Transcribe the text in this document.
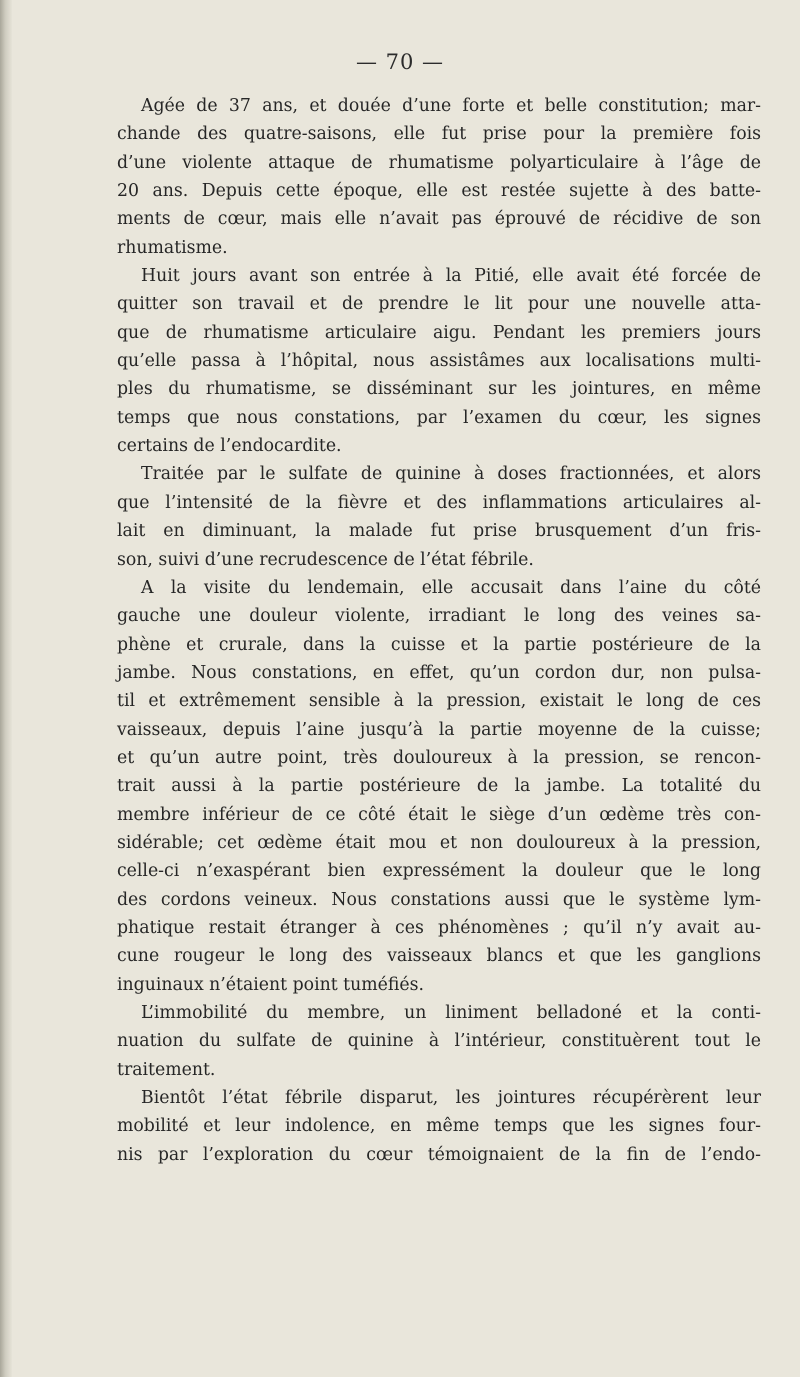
— 70 —
Agée de 37 ans, et douée d’une forte et belle constitution; mar-
chande des quatre-saisons, elle fut prise pour la première fois
d’une violente attaque de rhumatisme polyarticulaire à l’âge de
20 ans. Depuis cette époque, elle est restée sujette à des batte-
ments de cœur, mais elle n’avait pas éprouvé de récidive de son
rhumatisme.
Huit jours avant son entrée à la Pitié, elle avait été forcée de
quitter son travail et de prendre le lit pour une nouvelle atta-
que de rhumatisme articulaire aigu. Pendant les premiers jours
qu’elle passa à l’hôpital, nous assistâmes aux localisations multi-
ples du rhumatisme, se disséminant sur les jointures, en même
temps que nous constations, par l’examen du cœur, les signes
certains de l’endocardite.
Traitée par le sulfate de quinine à doses fractionnées, et alors
que l’intensité de la fièvre et des inflammations articulaires al-
lait en diminuant, la malade fut prise brusquement d’un fris-
son, suivi d’une recrudescence de l’état fébrile.
A la visite du lendemain, elle accusait dans l’aine du côté
gauche une douleur violente, irradiant le long des veines sa-
phène et crurale, dans la cuisse et la partie postérieure de la
jambe. Nous constations, en effet, qu’un cordon dur, non pulsa-
til et extrêmement sensible à la pression, existait le long de ces
vaisseaux, depuis l’aine jusqu’à la partie moyenne de la cuisse;
et qu’un autre point, très douloureux à la pression, se rencon-
trait aussi à la partie postérieure de la jambe. La totalité du
membre inférieur de ce côté était le siège d’un œdème très con-
sidérable; cet œdème était mou et non douloureux à la pression,
celle-ci n’exaspérant bien expressément la douleur que le long
des cordons veineux. Nous constations aussi que le système lym-
phatique restait étranger à ces phénomènes ; qu’il n’y avait au-
cune rougeur le long des vaisseaux blancs et que les ganglions
inguinaux n’étaient point tuméfiés.
L’immobilité du membre, un liniment belladoné et la conti-
nuation du sulfate de quinine à l’intérieur, constituèrent tout le
traitement.
Bientôt l’état fébrile disparut, les jointures récupérèrent leur
mobilité et leur indolence, en même temps que les signes four-
nis par l’exploration du cœur témoignaient de la fin de l’endo-
